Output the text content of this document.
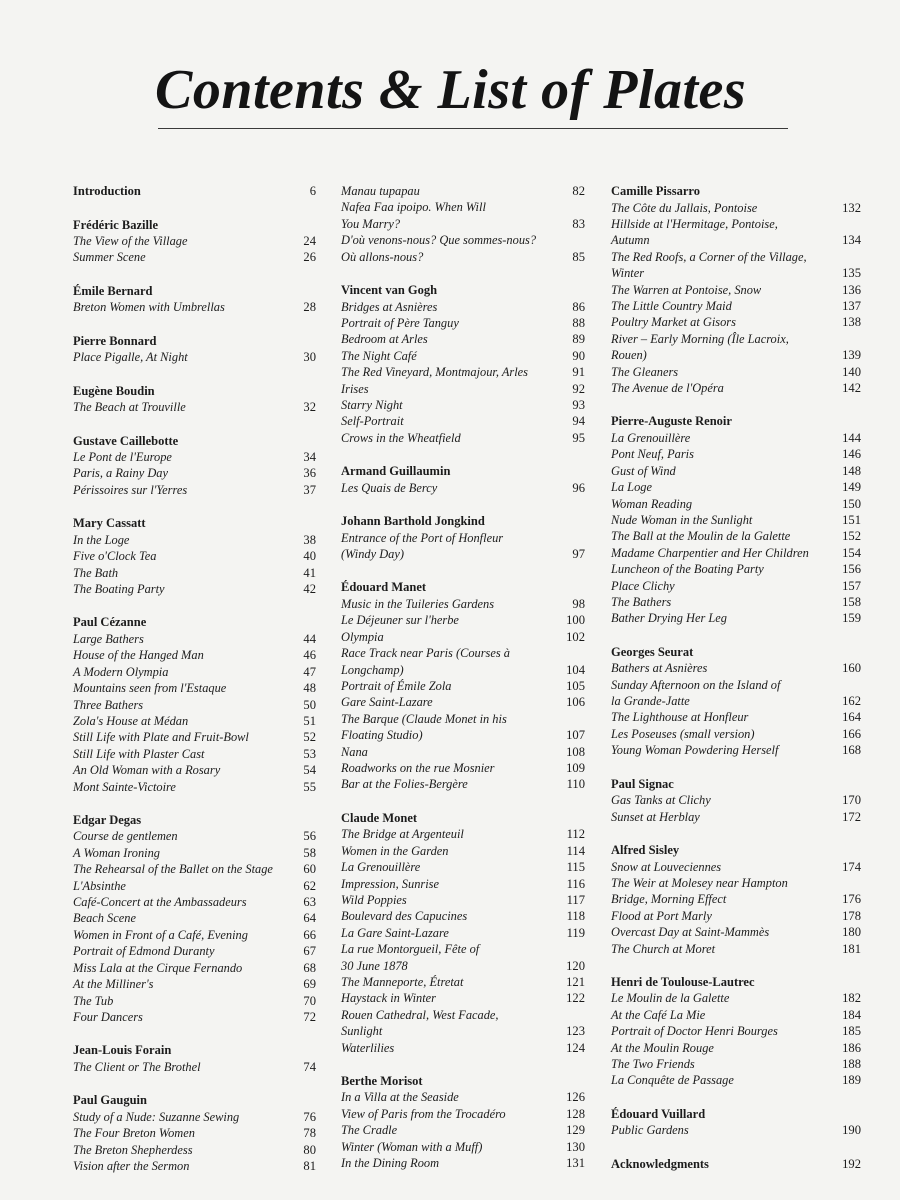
Contents & List of Plates
Introduction	6
Frédéric Bazille
The View of the Village	24
Summer Scene	26
Émile Bernard
Breton Women with Umbrellas	28
Pierre Bonnard
Place Pigalle, At Night	30
Eugène Boudin
The Beach at Trouville	32
Gustave Caillebotte
Le Pont de l'Europe	34
Paris, a Rainy Day	36
Périssoires sur l'Yerres	37
Mary Cassatt
In the Loge	38
Five o'Clock Tea	40
The Bath	41
The Boating Party	42
Paul Cézanne
Large Bathers	44
House of the Hanged Man	46
A Modern Olympia	47
Mountains seen from l'Estaque	48
Three Bathers	50
Zola's House at Médan	51
Still Life with Plate and Fruit-Bowl	52
Still Life with Plaster Cast	53
An Old Woman with a Rosary	54
Mont Sainte-Victoire	55
Edgar Degas
Course de gentlemen	56
A Woman Ironing	58
The Rehearsal of the Ballet on the Stage	60
L'Absinthe	62
Café-Concert at the Ambassadeurs	63
Beach Scene	64
Women in Front of a Café, Evening	66
Portrait of Edmond Duranty	67
Miss Lala at the Cirque Fernando	68
At the Milliner's	69
The Tub	70
Four Dancers	72
Jean-Louis Forain
The Client or The Brothel	74
Paul Gauguin
Study of a Nude: Suzanne Sewing	76
The Four Breton Women	78
The Breton Shepherdess	80
Vision after the Sermon	81
Manau tupapau	82
Nafea Faa ipoipo. When Will
You Marry?	83
D'où venons-nous? Que sommes-nous?
Où allons-nous?	85
Vincent van Gogh
Bridges at Asnières	86
Portrait of Père Tanguy	88
Bedroom at Arles	89
The Night Café	90
The Red Vineyard, Montmajour, Arles	91
Irises	92
Starry Night	93
Self-Portrait	94
Crows in the Wheatfield	95
Armand Guillaumin
Les Quais de Bercy	96
Johann Barthold Jongkind
Entrance of the Port of Honfleur
(Windy Day)	97
Édouard Manet
Music in the Tuileries Gardens	98
Le Déjeuner sur l'herbe	100
Olympia	102
Race Track near Paris (Courses à
Longchamp)	104
Portrait of Émile Zola	105
Gare Saint-Lazare	106
The Barque (Claude Monet in his
Floating Studio)	107
Nana	108
Roadworks on the rue Mosnier	109
Bar at the Folies-Bergère	110
Claude Monet
The Bridge at Argenteuil	112
Women in the Garden	114
La Grenouillère	115
Impression, Sunrise	116
Wild Poppies	117
Boulevard des Capucines	118
La Gare Saint-Lazare	119
La rue Montorgueil, Fête of
30 June 1878	120
The Manneporte, Étretat	121
Haystack in Winter	122
Rouen Cathedral, West Facade,
Sunlight	123
Waterlilies	124
Berthe Morisot
In a Villa at the Seaside	126
View of Paris from the Trocadéro	128
The Cradle	129
Winter (Woman with a Muff)	130
In the Dining Room	131
Camille Pissarro
The Côte du Jallais, Pontoise	132
Hillside at l'Hermitage, Pontoise,
Autumn	134
The Red Roofs, a Corner of the Village,
Winter	135
The Warren at Pontoise, Snow	136
The Little Country Maid	137
Poultry Market at Gisors	138
River – Early Morning (Île Lacroix,
Rouen)	139
The Gleaners	140
The Avenue de l'Opéra	142
Pierre-Auguste Renoir
La Grenouillère	144
Pont Neuf, Paris	146
Gust of Wind	148
La Loge	149
Woman Reading	150
Nude Woman in the Sunlight	151
The Ball at the Moulin de la Galette	152
Madame Charpentier and Her Children	154
Luncheon of the Boating Party	156
Place Clichy	157
The Bathers	158
Bather Drying Her Leg	159
Georges Seurat
Bathers at Asnières	160
Sunday Afternoon on the Island of
la Grande-Jatte	162
The Lighthouse at Honfleur	164
Les Poseuses (small version)	166
Young Woman Powdering Herself	168
Paul Signac
Gas Tanks at Clichy	170
Sunset at Herblay	172
Alfred Sisley
Snow at Louveciennes	174
The Weir at Molesey near Hampton
Bridge, Morning Effect	176
Flood at Port Marly	178
Overcast Day at Saint-Mammès	180
The Church at Moret	181
Henri de Toulouse-Lautrec
Le Moulin de la Galette	182
At the Café La Mie	184
Portrait of Doctor Henri Bourges	185
At the Moulin Rouge	186
The Two Friends	188
La Conquête de Passage	189
Édouard Vuillard
Public Gardens	190
Acknowledgments	192
